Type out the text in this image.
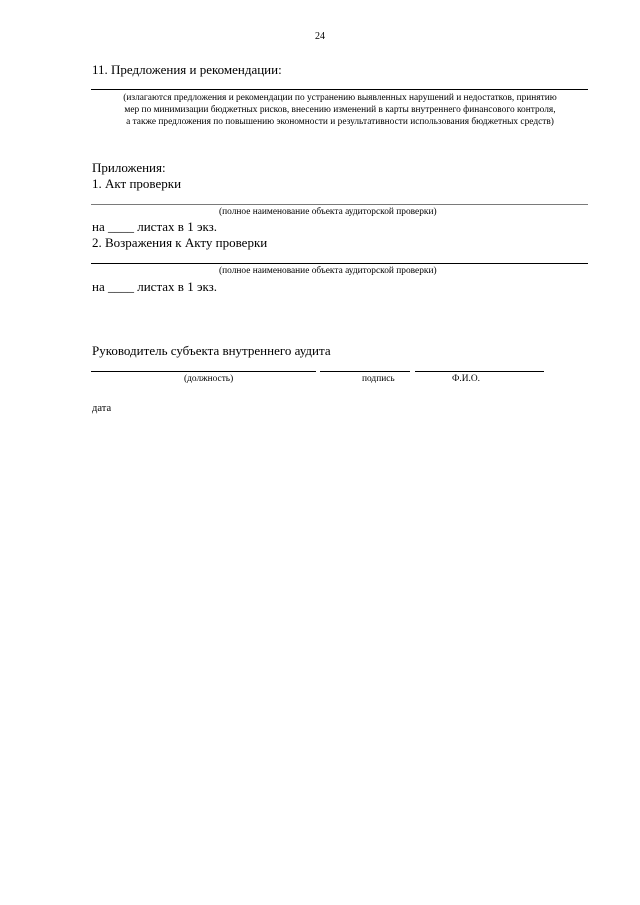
24
11. Предложения и рекомендации:
(излагаются предложения и рекомендации по устранению выявленных нарушений и недостатков, принятию
мер по минимизации бюджетных рисков, внесению изменений в карты внутреннего финансового контроля,
а также предложения по повышению экономности и результативности использования бюджетных средств)
Приложения:
1. Акт проверки
(полное наименование объекта аудиторской проверки)
на ____ листах в 1 экз.
2. Возражения к Акту проверки
(полное наименование объекта аудиторской проверки)
на ____ листах в 1 экз.
Руководитель субъекта внутреннего аудита
(должность)	подпись	Ф.И.О.
дата
